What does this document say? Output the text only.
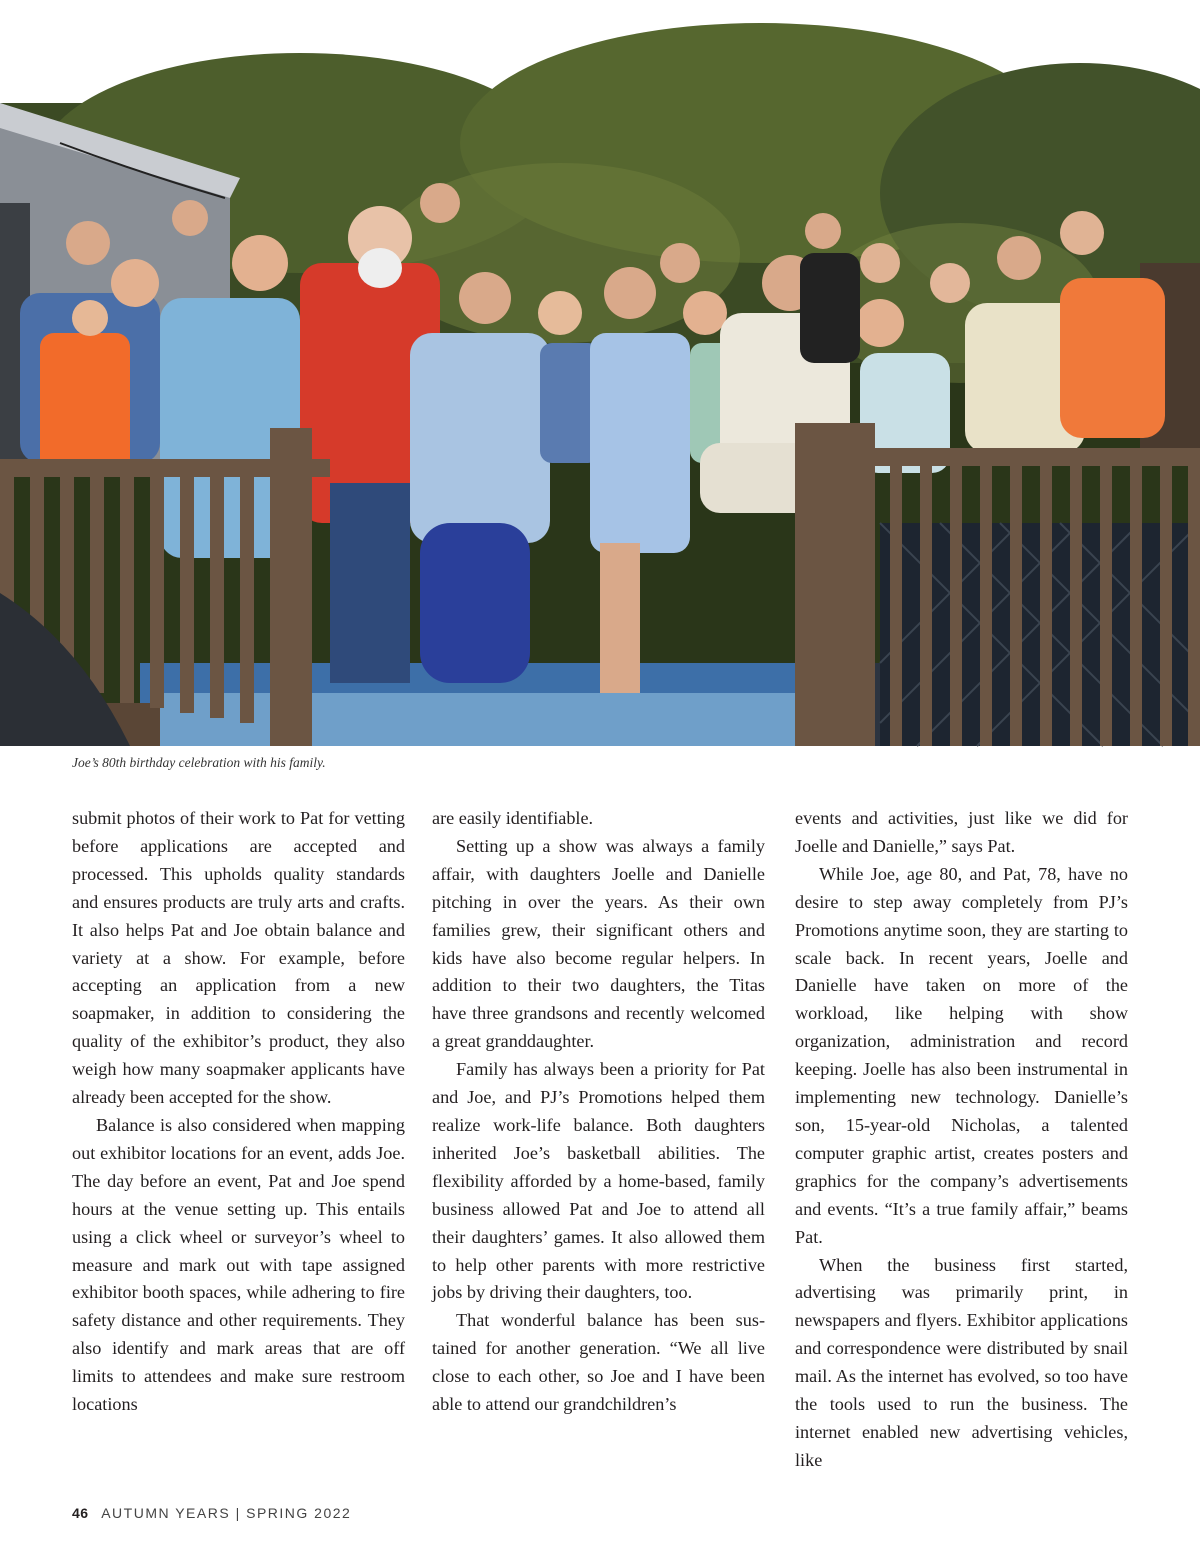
Joe’s 80th birthday celebration with his family.

submit photos of their work to Pat for vetting before applications are accepted and processed. This upholds quality standards and ensures products are truly arts and crafts. It also helps Pat and Joe obtain balance and variety at a show. For example, before accepting an application from a new soapmaker, in addition to considering the quality of the exhibitor’s product, they also weigh how many soapmaker applicants have already been accepted for the show.

Balance is also considered when mapping out exhibitor locations for an event, adds Joe. The day before an event, Pat and Joe spend hours at the venue setting up. This entails using a click wheel or surveyor’s wheel to measure and mark out with tape assigned exhibitor booth spaces, while adhering to fire safety distance and other requirements. They also identify and mark areas that are off limits to attendees and make sure restroom locations

are easily identifiable.

Setting up a show was always a family affair, with daughters Joelle and Danielle pitching in over the years. As their own families grew, their significant others and kids have also become regular helpers. In addition to their two daughters, the Titas have three grandsons and recently welcomed a great granddaughter.

Family has always been a priority for Pat and Joe, and PJ’s Promotions helped them realize work-life balance. Both daughters inherited Joe’s basketball abilities. The flexibility afforded by a home-based, family business allowed Pat and Joe to attend all their daughters’ games. It also allowed them to help other parents with more restrictive jobs by driving their daughters, too.

That wonderful balance has been sustained for another generation. “We all live close to each other, so Joe and I have been able to attend our grandchildren’s

events and activities, just like we did for Joelle and Danielle,” says Pat.

While Joe, age 80, and Pat, 78, have no desire to step away completely from PJ’s Promotions anytime soon, they are starting to scale back. In recent years, Joelle and Danielle have taken on more of the workload, like helping with show organization, administration and record keeping. Joelle has also been instrumental in implementing new technology. Danielle’s son, 15-year-old Nicholas, a talented computer graphic artist, creates posters and graphics for the company’s advertisements and events. “It’s a true family affair,” beams Pat.

When the business first started, advertising was primarily print, in newspapers and flyers. Exhibitor applications and correspondence were distributed by snail mail. As the internet has evolved, so too have the tools used to run the business. The internet enabled new advertising vehicles, like

46 AUTUMN YEARS | SPRING 2022
